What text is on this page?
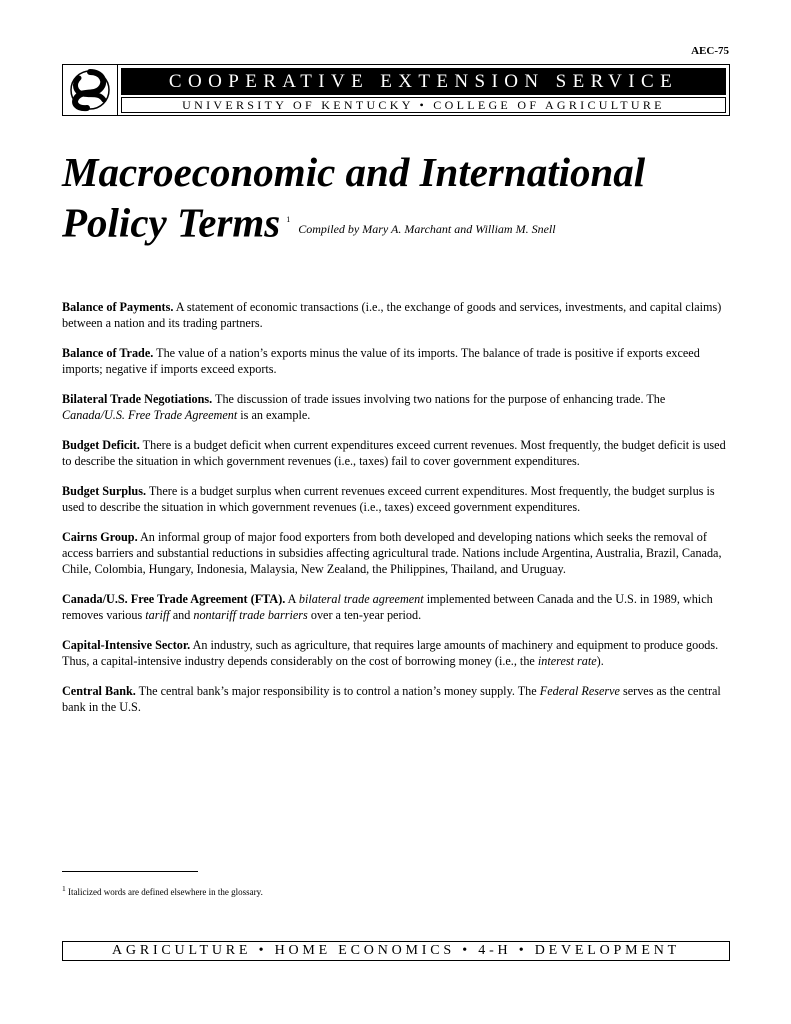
AEC-75
COOPERATIVE EXTENSION SERVICE
UNIVERSITY OF KENTUCKY • COLLEGE OF AGRICULTURE
Macroeconomic and International
Policy Terms $^1$Compiled by Mary A. Marchant and William M. Snell

Balance of Payments. A statement of economic transactions (i.e., the exchange of goods and services, investments, and capital claims) between a nation and its trading partners.

Balance of Trade. The value of a nation’s exports minus the value of its imports. The balance of trade is positive if exports exceed imports; negative if imports exceed exports.

Bilateral Trade Negotiations. The discussion of trade issues involving two nations for the purpose of enhancing trade. The Canada/U.S. Free Trade Agreement is an example.

Budget Deficit. There is a budget deficit when current expenditures exceed current revenues. Most frequently, the budget deficit is used to describe the situation in which government revenues (i.e., taxes) fail to cover government expenditures.

Budget Surplus. There is a budget surplus when current revenues exceed current expenditures. Most frequently, the budget surplus is used to describe the situation in which government revenues (i.e., taxes) exceed government expenditures.

Cairns Group. An informal group of major food exporters from both developed and developing nations which seeks the removal of access barriers and substantial reductions in subsidies affecting agricultural trade. Nations include Argentina, Australia, Brazil, Canada, Chile, Colombia, Hungary, Indonesia, Malaysia, New Zealand, the Philippines, Thailand, and Uruguay.

Canada/U.S. Free Trade Agreement (FTA). A bilateral trade agreement implemented between Canada and the U.S. in 1989, which removes various tariff and nontariff trade barriers over a ten-year period.

Capital-Intensive Sector. An industry, such as agriculture, that requires large amounts of machinery and equipment to produce goods. Thus, a capital-intensive industry depends considerably on the cost of borrowing money (i.e., the interest rate).

Central Bank. The central bank’s major responsibility is to control a nation’s money supply. The Federal Reserve serves as the central bank in the U.S.

$^1$ Italicized words are defined elsewhere in the glossary.
AGRICULTURE • HOME ECONOMICS • 4-H • DEVELOPMENT
